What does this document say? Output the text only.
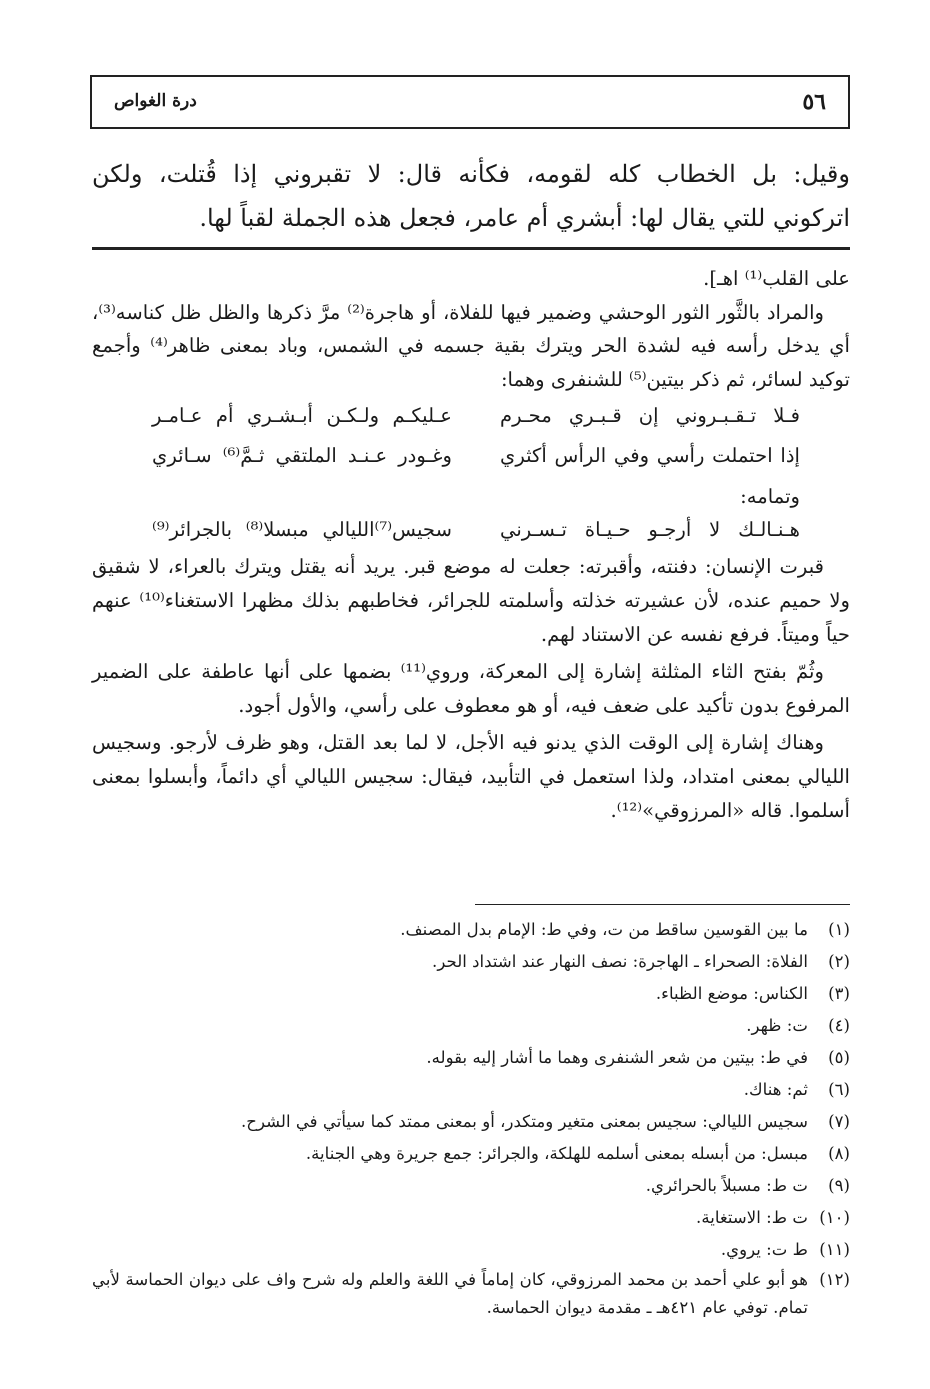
٥٦
درة الغواص
وقيل: بل الخطاب كله لقومه، فكأنه قال: لا تقبروني إذا قُتلت، ولكن
اتركوني للتي يقال لها: أبشري أم عامر، فجعل هذه الجملة لقباً لها.

على القلب⁽¹⁾ اهـ].

والمراد بالثَّور الثور الوحشي وضمير فيها للفلاة، أو هاجرة⁽²⁾ مرَّ ذكرها والظل ظل كناسه⁽³⁾، أي يدخل رأسه فيه لشدة الحر ويترك بقية جسمه في الشمس، وباد بمعنى ظاهر⁽⁴⁾ وأجمع توكيد لسائر، ثم ذكر بيتين⁽⁵⁾ للشنفرى وهما:

فـلا تـقـبـروني إن قـبـري محـرم
عـليكـم ولـكـن أبـشـري أم عـامـر
إذا احتملت رأسي وفي الرأس أكثري
وغـودر عـنـد الملتقي ثـمَّ⁽⁶⁾ سـائري
وتمامه:
هـنـالـك لا أرجـو حـيـاة تـسـرني
سجيس⁽⁷⁾الليالي مبسلا⁽⁸⁾ بالجرائر⁽⁹⁾

قبرت الإنسان: دفنته، وأقبرته: جعلت له موضع قبر. يريد أنه يقتل ويترك بالعراء، لا شقيق ولا حميم عنده، لأن عشيرته خذلته وأسلمته للجرائر، فخاطبهم بذلك مظهرا الاستغناء⁽¹⁰⁾ عنهم حياً وميتاً. فرفع نفسه عن الاستناد لهم.

وثُمّ بفتح الثاء المثلثة إشارة إلى المعركة، وروي⁽¹¹⁾ بضمها على أنها عاطفة على الضمير المرفوع بدون تأكيد على ضعف فيه، أو هو معطوف على رأسي، والأول أجود.

وهناك إشارة إلى الوقت الذي يدنو فيه الأجل، لا لما بعد القتل، وهو ظرف لأرجو. وسجيس الليالي بمعنى امتداد، ولذا استعمل في التأبيد، فيقال: سجيس الليالي أي دائماً، وأبسلوا بمعنى أسلموا. قاله «المرزوقي»⁽¹²⁾.

(١)
ما بين القوسين ساقط من ت، وفي ط: الإمام بدل المصنف.
(٢)
الفلاة: الصحراء ـ الهاجرة: نصف النهار عند اشتداد الحر.
(٣)
الكناس: موضع الظباء.
(٤)
ت: ظهر.
(٥)
في ط: بيتين من شعر الشنفرى وهما ما أشار إليه بقوله.
(٦)
ثم: هناك.
(٧)
سجيس الليالي: سجيس بمعنى متغير ومتكدر، أو بمعنى ممتد كما سيأتي في الشرح.
(٨)
مبسل: من أبسله بمعنى أسلمه للهلكة، والجرائر: جمع جريرة وهي الجناية.
(٩)
ت ط: مسبلاً بالحرائري.
(١٠)
ت ط: الاستغاية.
(١١)
ط ت: يروي.
(١٢)
هو أبو علي أحمد بن محمد المرزوقي، كان إماماً في اللغة والعلم وله شرح واف على ديوان الحماسة لأبي تمام. توفي عام ٤٢١هـ ـ مقدمة ديوان الحماسة.
